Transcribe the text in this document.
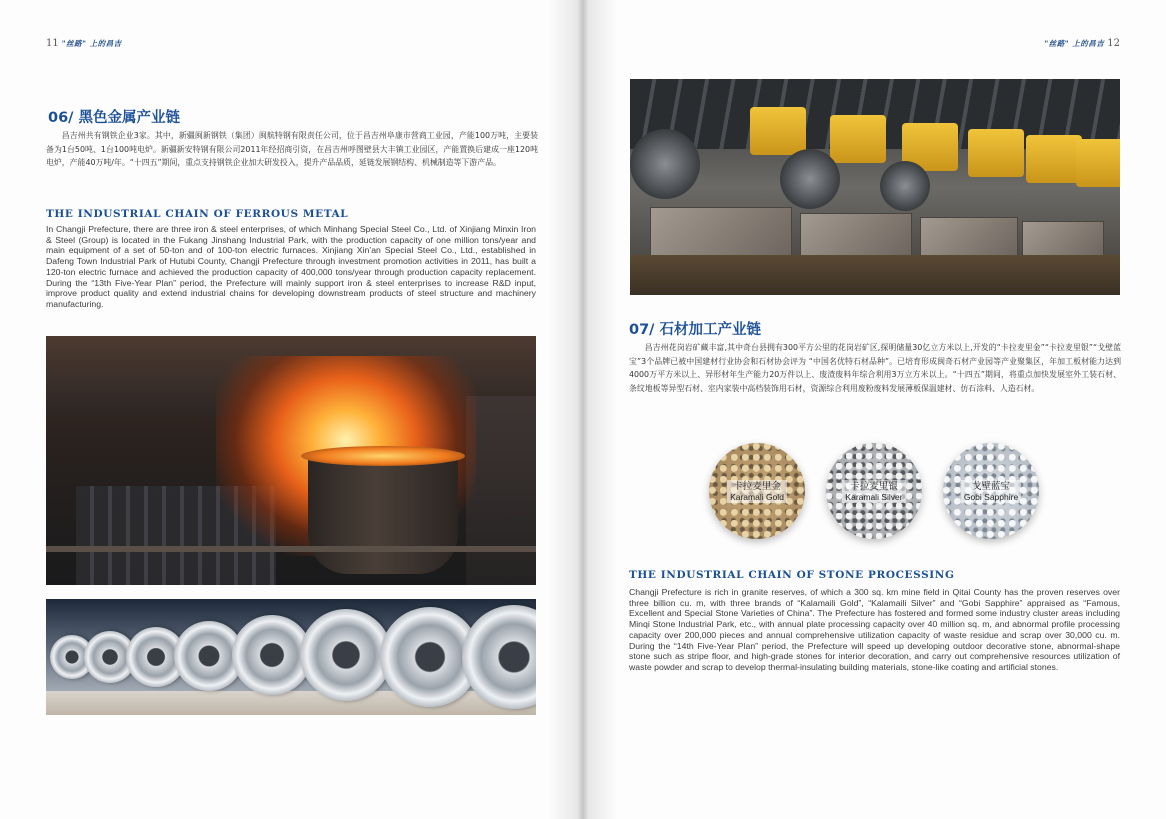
11 "丝路" 上的昌吉
06/ 黑色金属产业链

昌吉州共有钢铁企业3家。其中，新疆闽新钢铁（集团）闽航特钢有限责任公司，位于昌吉州阜康市营商工业园，产能100万吨，主要装备为1台50吨、1台100吨电炉。新疆新安特钢有限公司2011年经招商引资，在昌吉州呼图壁县大丰镇工业园区，产能置换后建成一座120吨电炉，产能40万吨/年。“十四五”期间，重点支持钢铁企业加大研发投入，提升产品品质，延链发展钢结构、机械制造等下游产品。

THE INDUSTRIAL CHAIN OF FERROUS METAL

In Changji Prefecture, there are three iron & steel enterprises, of which Minhang Special Steel Co., Ltd. of Xinjiang Minxin Iron & Steel (Group) is located in the Fukang Jinshang Industrial Park, with the production capacity of one million tons/year and main equipment of a set of 50-ton and of 100-ton electric furnaces. Xinjiang Xin’an Special Steel Co., Ltd., established in Dafeng Town Industrial Park of Hutubi County, Changji Prefecture through investment promotion activities in 2011, has built a 120-ton electric furnace and achieved the production capacity of 400,000 tons/year through production capacity replacement. During the “13th Five-Year Plan” period, the Prefecture will mainly support iron & steel enterprises to increase R&D input, improve product quality and extend industrial chains for developing downstream products of steel structure and machinery manufacturing.

"丝路" 上的昌吉 12
07/ 石材加工产业链

昌吉州花岗岩矿藏丰富,其中奇台县拥有300平方公里的花岗岩矿区,探明储量30亿立方米以上,开发的“卡拉麦里金”“卡拉麦里银”“戈壁蓝宝”3个品牌已被中国建材行业协会和石材协会评为 “中国名优特石材品种”。已培育形成闽奇石材产业园等产业聚集区，年加工板材能力达到4000万平方米以上、异形材年生产能力20万件以上、废渣废料年综合利用3万立方米以上。“十四五”期间，将重点加快发展室外工装石材、条纹地板等异型石材、室内家装中高档装饰用石材，资源综合利用废粉废料发展薄板保温建材、仿石涂料、人造石材。

卡拉麦里金
Karamali Gold
卡拉麦里银
Karamali Silver
戈壁蓝宝
Gobi Sapphire
THE INDUSTRIAL CHAIN OF STONE PROCESSING

Changji Prefecture is rich in granite reserves, of which a 300 sq. km mine field in Qitai County has the proven reserves over three billion cu. m, with three brands of “Kalamaili Gold”, “Kalamaili Silver” and “Gobi Sapphire” appraised as “Famous, Excellent and Special Stone Varieties of China”. The Prefecture has fostered and formed some industry cluster areas including Minqi Stone Industrial Park, etc., with annual plate processing capacity over 40 million sq. m, and abnormal profile processing capacity over 200,000 pieces and annual comprehensive utilization capacity of waste residue and scrap over 30,000 cu. m. During the “14th Five-Year Plan” period, the Prefecture will speed up developing outdoor decorative stone, abnormal-shape stone such as stripe floor, and high-grade stones for interior decoration, and carry out comprehensive resources utilization of waste powder and scrap to develop thermal-insulating building materials, stone-like coating and artificial stones.
